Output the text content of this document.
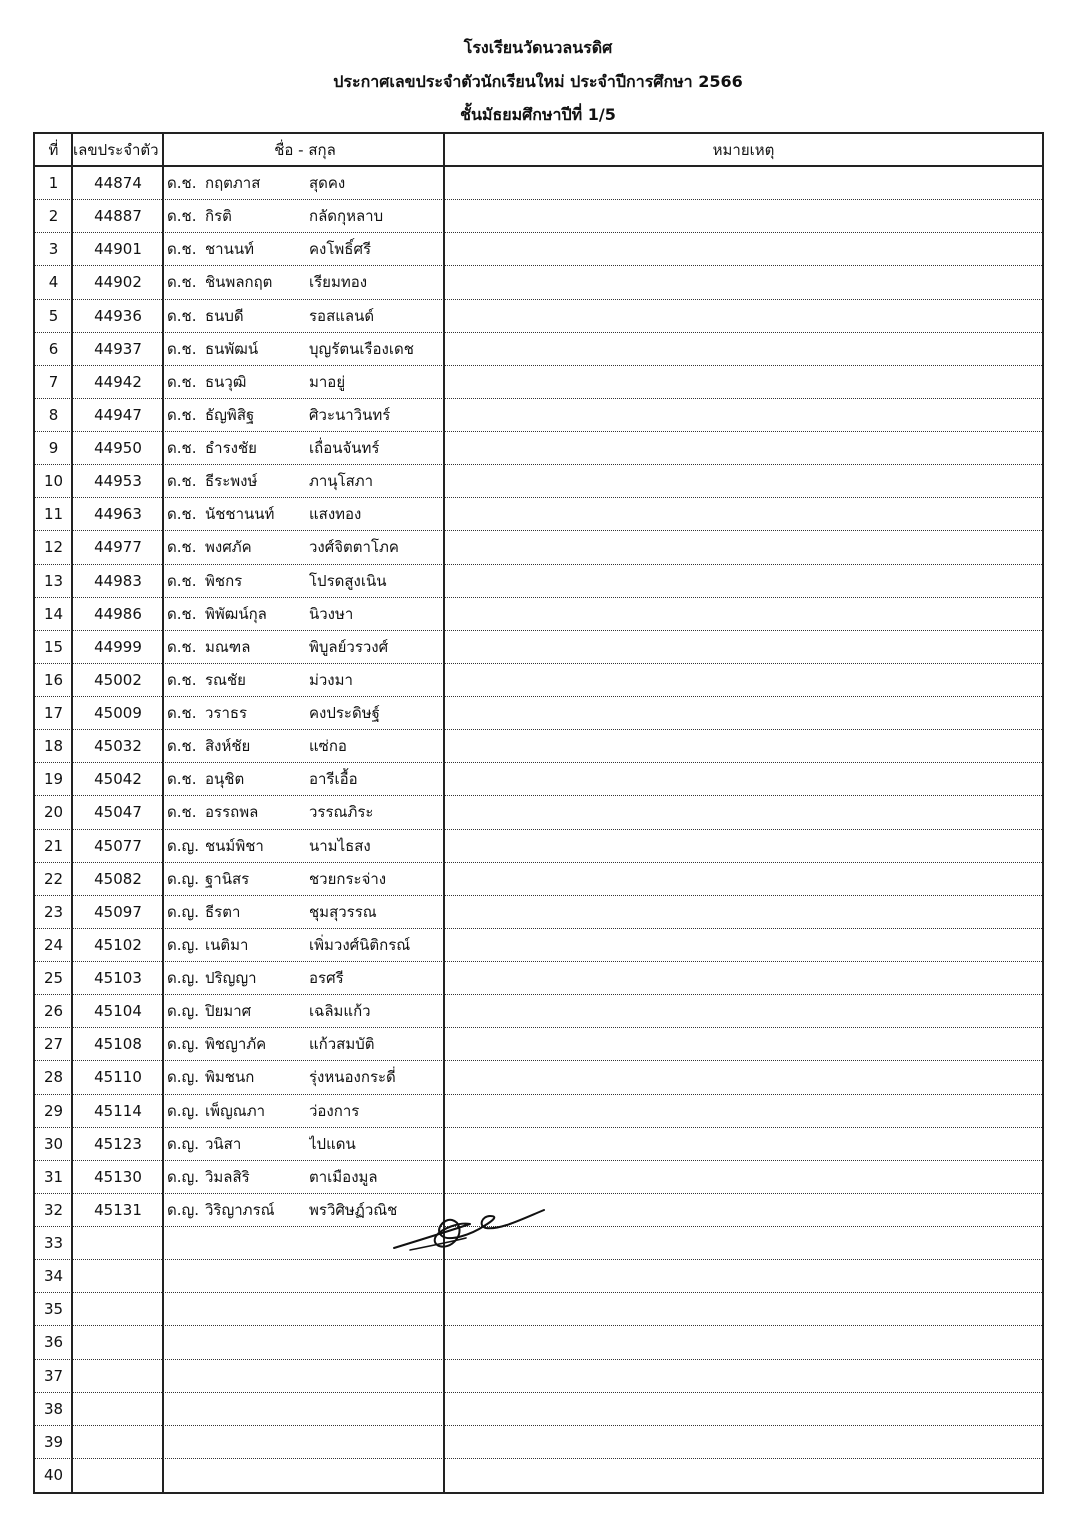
โรงเรียนวัดนวลนรดิศ
ประกาศเลขประจำตัวนักเรียนใหม่ ประจำปีการศึกษา 2566
ชั้นมัธยมศึกษาปีที่ 1/5
ที่ เลขประจำตัว	ชื่อ - สกุล	หมายเหตุ
1	44874	ด.ช. กฤตภาส	สุดคง
2	44887	ด.ช. กิรติ	กลัดกุหลาบ
3	44901	ด.ช. ชานนท์	คงโพธิ์ศรี
4	44902	ด.ช. ชินพลกฤต	เรียมทอง
5	44936	ด.ช. ธนบดี	รอสแลนด์
6	44937	ด.ช. ธนพัฒน์	บุญรัตนเรืองเดช
7	44942	ด.ช. ธนวุฒิ	มาอยู่
8	44947	ด.ช. ธัญพิสิฐ	ศิวะนาวินทร์
9	44950	ด.ช. ธำรงชัย	เถื่อนจันทร์
10	44953	ด.ช. ธีระพงษ์	ภานุโสภา
11	44963	ด.ช. นัชชานนท์	แสงทอง
12	44977	ด.ช. พงศภัค	วงศ์จิตตาโภค
13	44983	ด.ช. พิชกร	โปรดสูงเนิน
14	44986	ด.ช. พิพัฒน์กุล	นิวงษา
15	44999	ด.ช. มณฑล	พิบูลย์วรวงศ์
16	45002	ด.ช. รณชัย	ม่วงมา
17	45009	ด.ช. วราธร	คงประดิษฐ์
18	45032	ด.ช. สิงห์ชัย	แซ่กอ
19	45042	ด.ช. อนุชิต	อารีเอื้อ
20	45047	ด.ช. อรรถพล	วรรณภิระ
21	45077	ด.ญ. ชนม์พิชา	นามไธสง
22	45082	ด.ญ. ฐานิสร	ชวยกระจ่าง
23	45097	ด.ญ. ธีรตา	ชุมสุวรรณ
24	45102	ด.ญ. เนติมา	เพิ่มวงศ์นิติกรณ์
25	45103	ด.ญ. ปริญญา	อรศรี
26	45104	ด.ญ. ปิยมาศ	เฉลิมแก้ว
27	45108	ด.ญ. พิชญาภัค	แก้วสมบัติ
28	45110	ด.ญ. พิมชนก	รุ่งหนองกระดี่
29	45114	ด.ญ. เพ็ญณภา	ว่องการ
30	45123	ด.ญ. วนิสา	ไปแดน
31	45130	ด.ญ. วิมลสิริ	ตาเมืองมูล
32	45131	ด.ญ. วิริญาภรณ์	พรวิศิษฏ์วณิช
33
34
35
36
37
38
39
40
